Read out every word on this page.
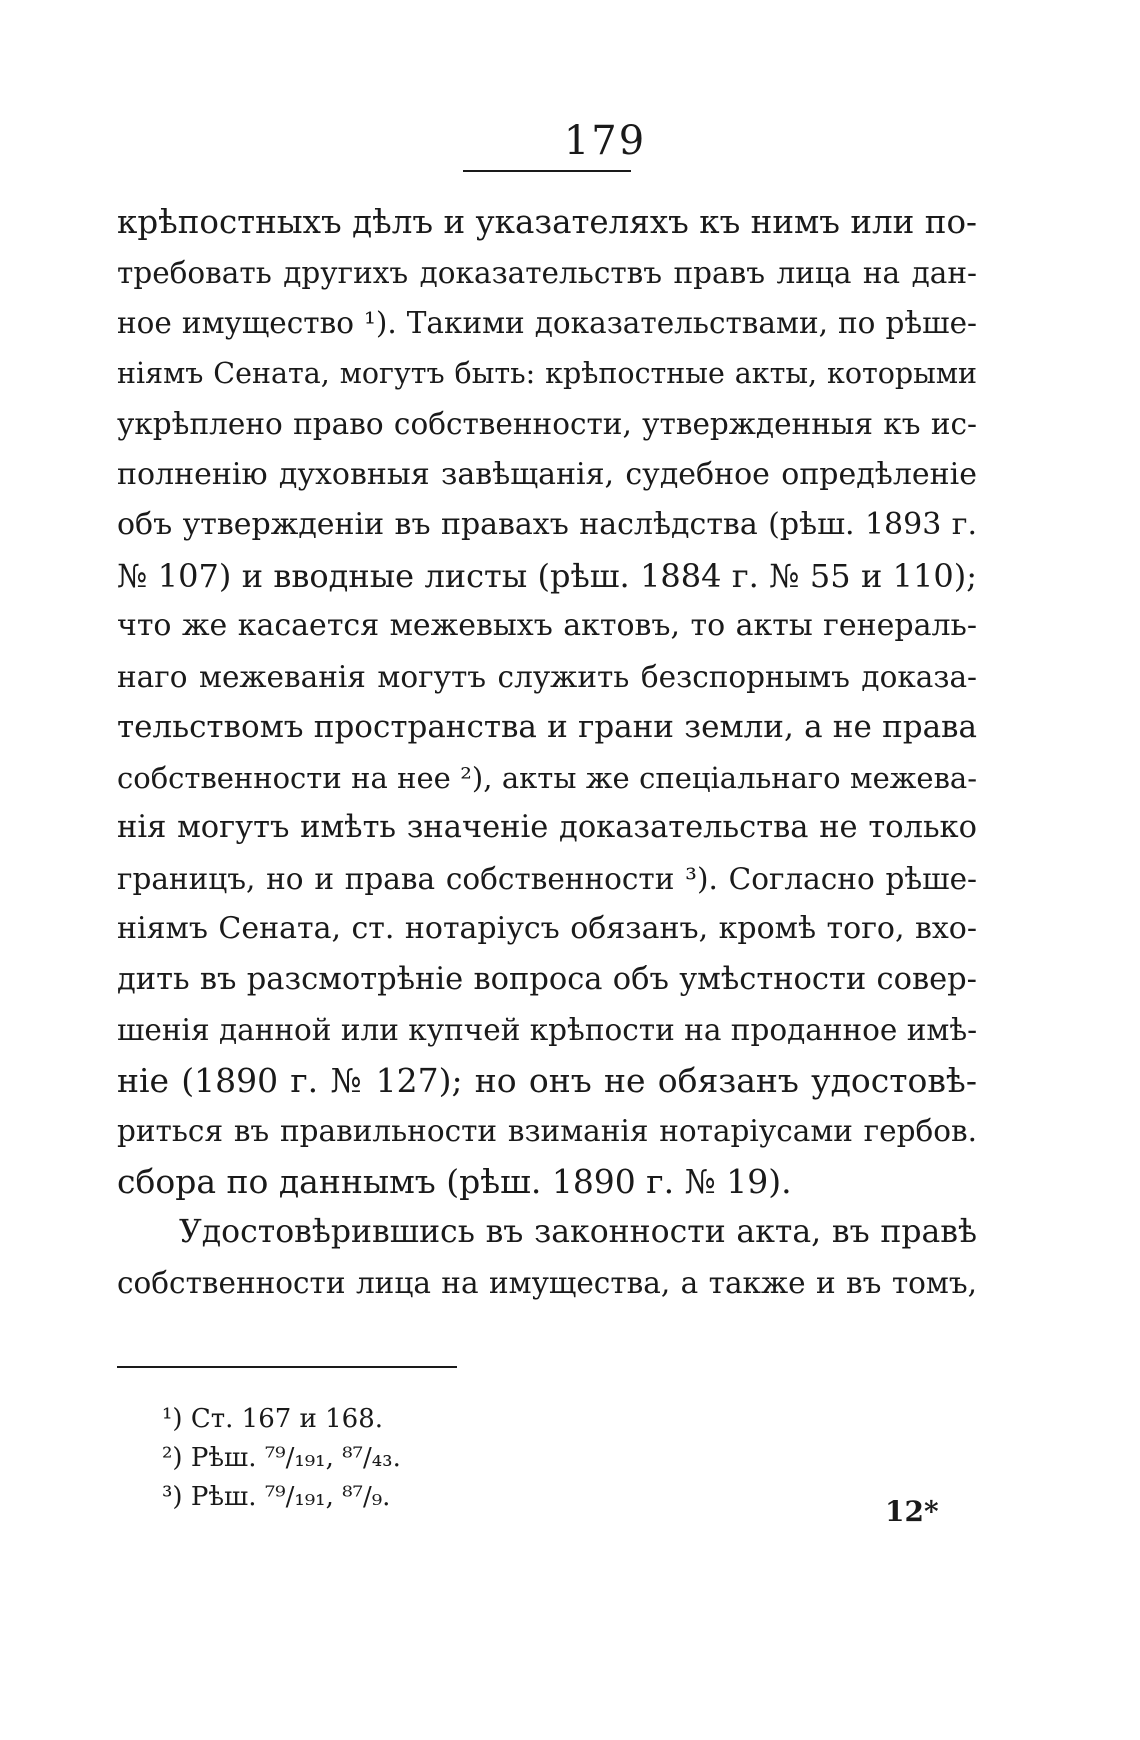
179
крѣпостныхъ дѣлъ и указателяхъ къ нимъ или по-
требовать другихъ доказательствъ правъ лица на дан-
ное имущество ¹). Такими доказательствами, по рѣше-
ніямъ Сената, могутъ быть: крѣпостные акты, которыми
укрѣплено право собственности, утвержденныя къ ис-
полненію духовныя завѣщанія, судебное опредѣленіе
объ утвержденіи въ правахъ наслѣдства (рѣш. 1893 г.
№ 107) и вводные листы (рѣш. 1884 г. № 55 и 110);
что же касается межевыхъ актовъ, то акты генераль-
наго межеванія могутъ служить безспорнымъ доказа-
тельствомъ пространства и грани земли, а не права
собственности на нее ²), акты же спеціальнаго межева-
нія могутъ имѣть значеніе доказательства не только
границъ, но и права собственности ³). Согласно рѣше-
ніямъ Сената, ст. нотаріусъ обязанъ, кромѣ того, вхо-
дить въ разсмотрѣніе вопроса объ умѣстности совер-
шенія данной или купчей крѣпости на проданное имѣ-
ніе (1890 г. № 127); но онъ не обязанъ удостовѣ-
риться въ правильности взиманія нотаріусами гербов.
сбора по даннымъ (рѣш. 1890 г. № 19).
Удостовѣрившись въ законности акта, въ правѣ
собственности лица на имущества, а также и въ томъ,
¹) Ст. 167 и 168.
²) Рѣш. ⁷⁹/₁₉₁, ⁸⁷/₄₃.
³) Рѣш. ⁷⁹/₁₉₁, ⁸⁷/₉.	12*
